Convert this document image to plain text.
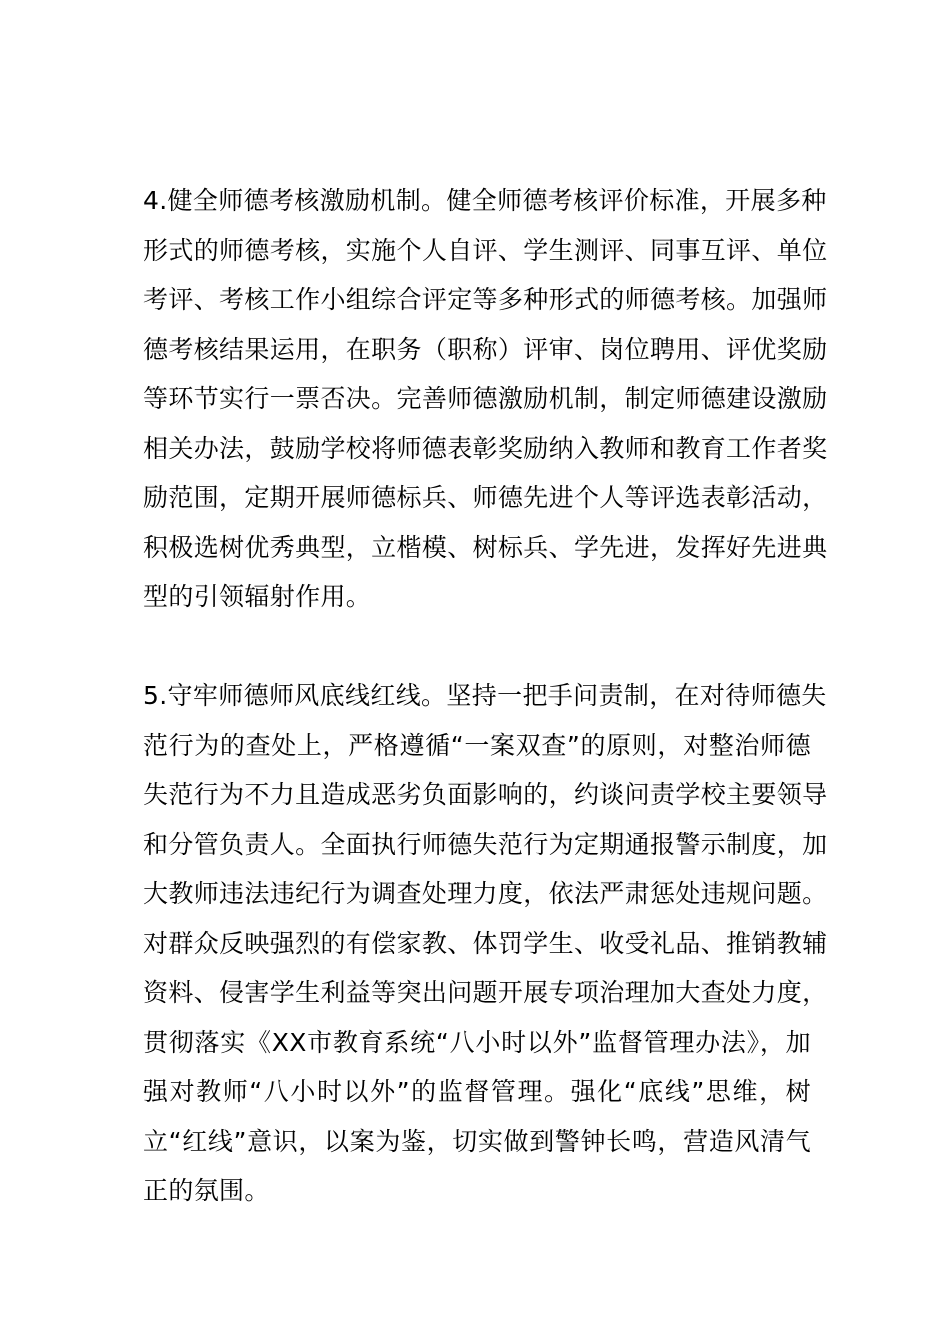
4.健全师德考核激励机制。健全师德考核评价标准，开展多种
形式的师德考核，实施个人自评、学生测评、同事互评、单位
考评、考核工作小组综合评定等多种形式的师德考核。加强师
德考核结果运用，在职务（职称）评审、岗位聘用、评优奖励
等环节实行一票否决。完善师德激励机制，制定师德建设激励
相关办法，鼓励学校将师德表彰奖励纳入教师和教育工作者奖
励范围，定期开展师德标兵、师德先进个人等评选表彰活动，
积极选树优秀典型，立楷模、树标兵、学先进，发挥好先进典
型的引领辐射作用。
5.守牢师德师风底线红线。坚持一把手问责制，在对待师德失
范行为的查处上，严格遵循“一案双查”的原则，对整治师德
失范行为不力且造成恶劣负面影响的，约谈问责学校主要领导
和分管负责人。全面执行师德失范行为定期通报警示制度，加
大教师违法违纪行为调查处理力度，依法严肃惩处违规问题。
对群众反映强烈的有偿家教、体罚学生、收受礼品、推销教辅
资料、侵害学生利益等突出问题开展专项治理加大查处力度，
贯彻落实《XX市教育系统“八小时以外”监督管理办法》，加
强对教师“八小时以外”的监督管理。强化“底线”思维，树
立“红线”意识，以案为鉴，切实做到警钟长鸣，营造风清气
正的氛围。
